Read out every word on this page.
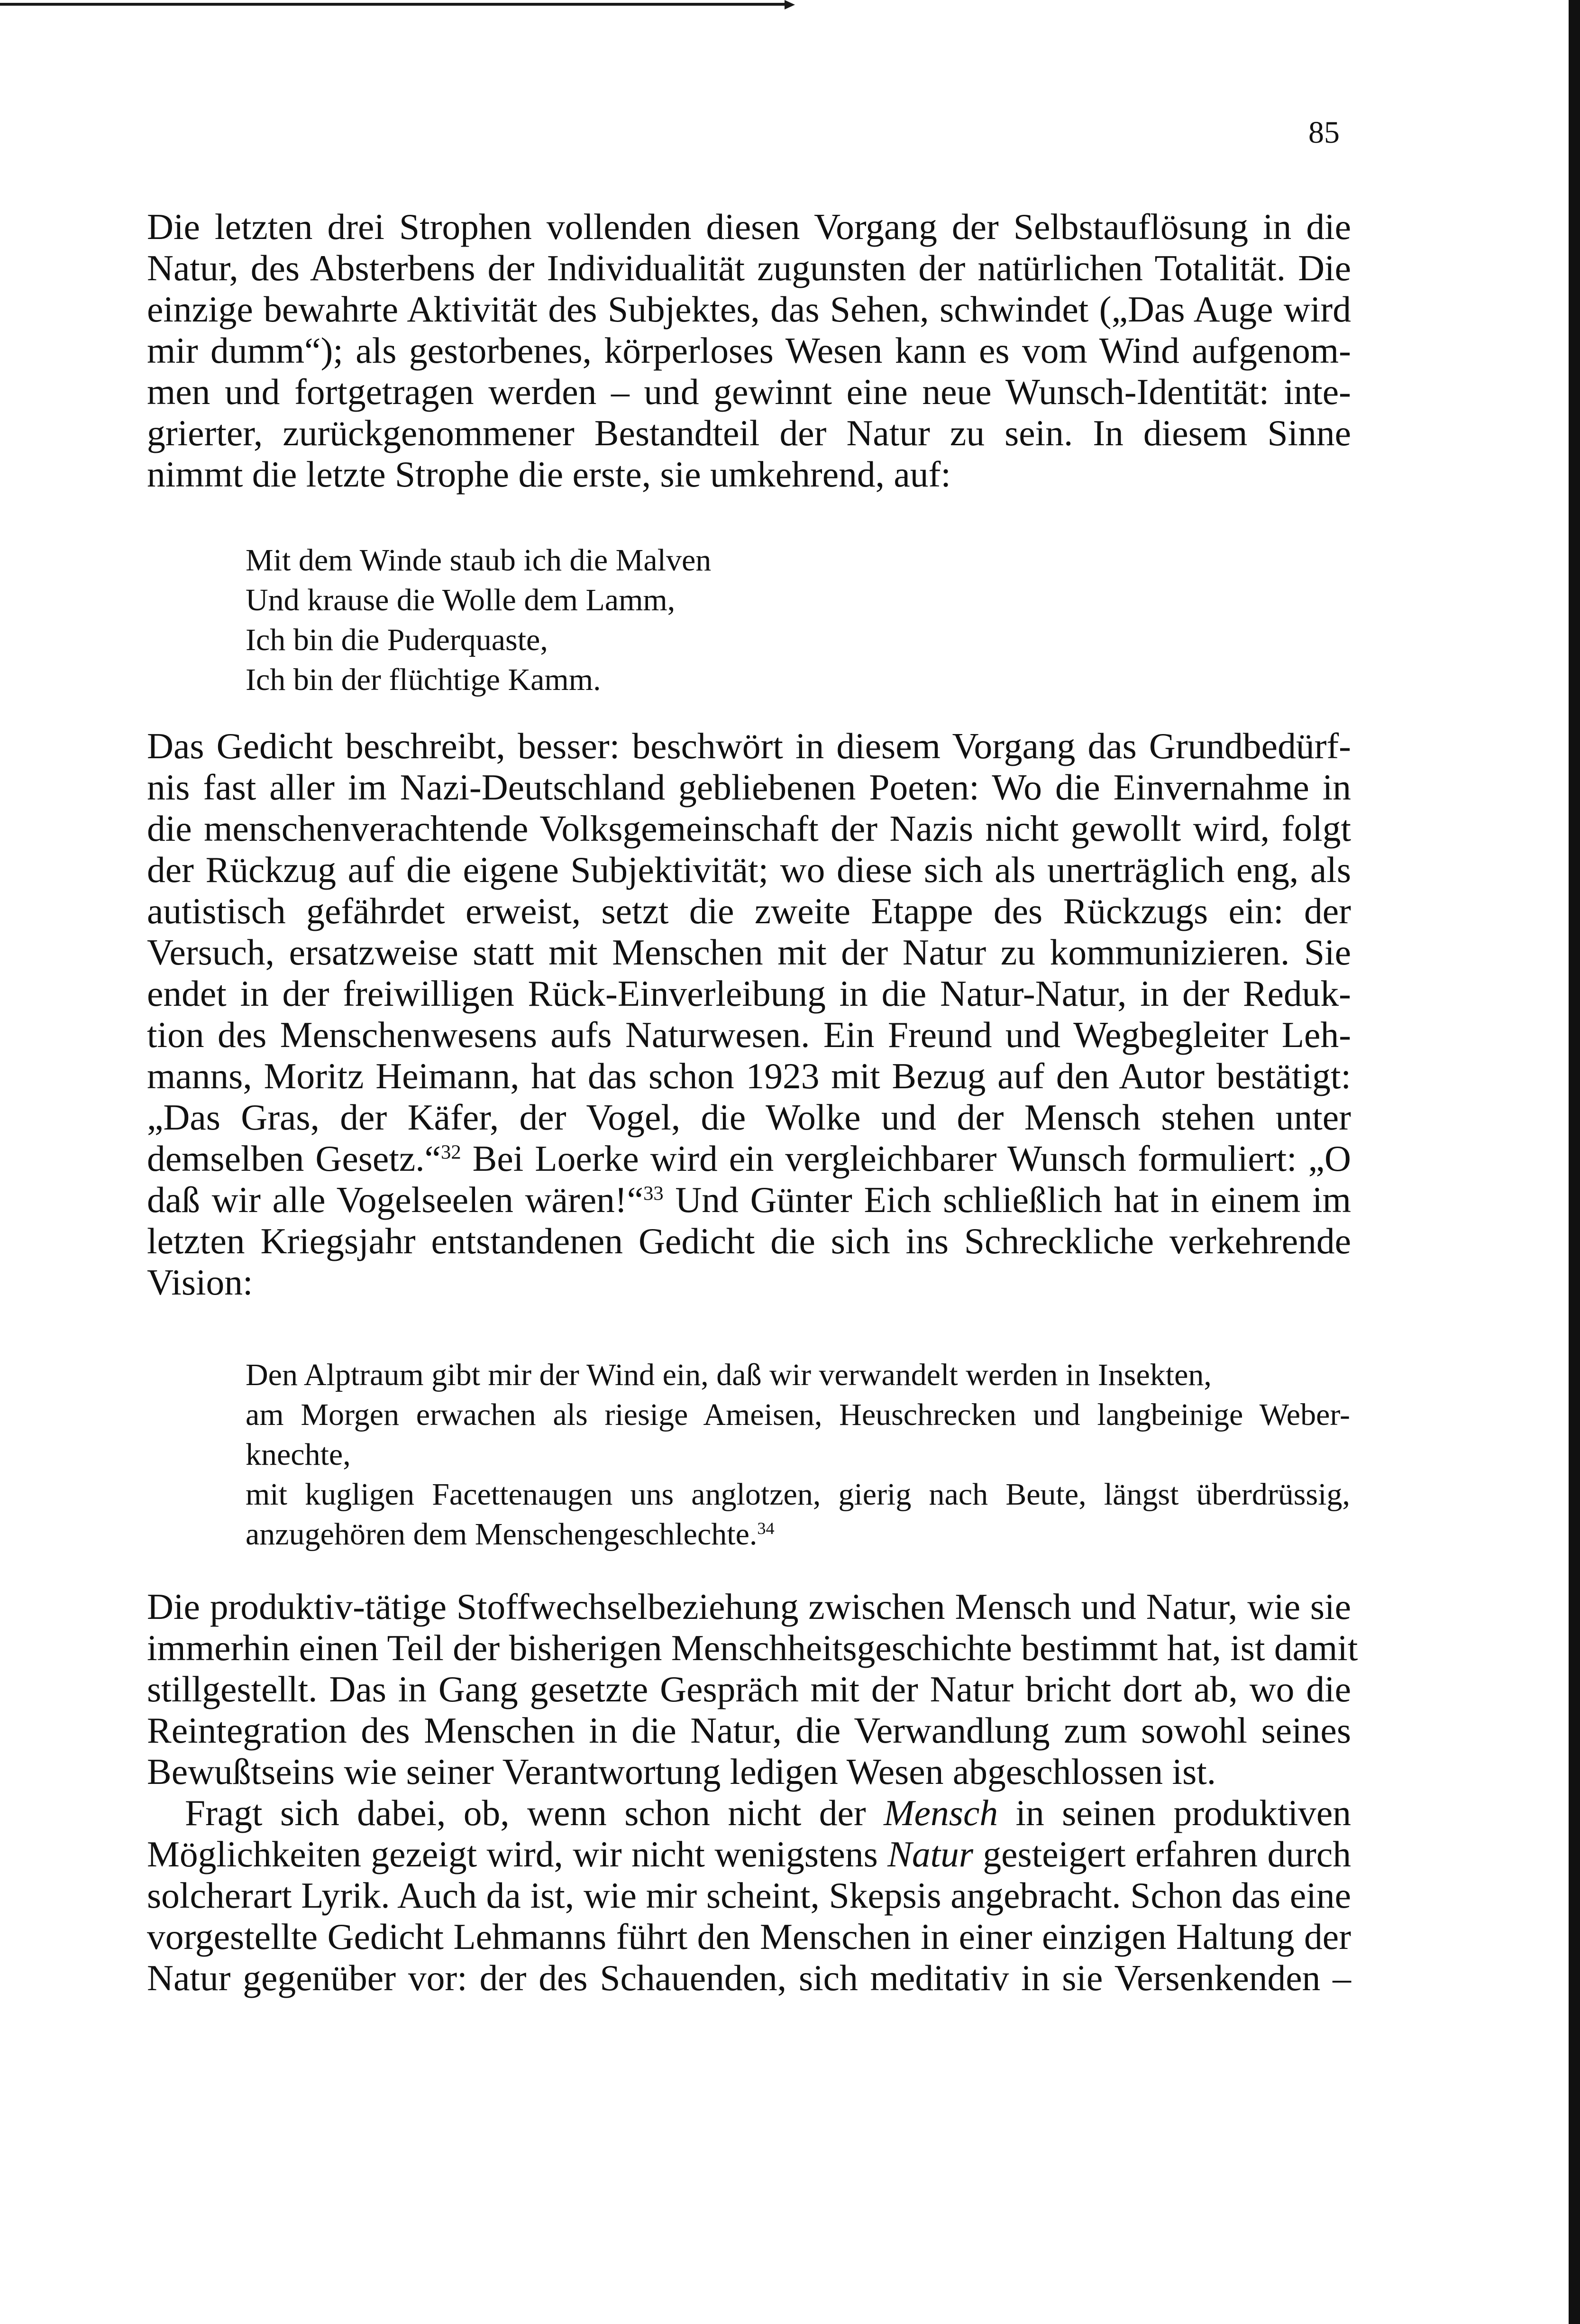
85
Die letzten drei Strophen vollenden diesen Vorgang der Selbstauflösung in die
Natur, des Absterbens der Individualität zugunsten der natürlichen Totalität. Die
einzige bewahrte Aktivität des Subjektes, das Sehen, schwindet („Das Auge wird
mir dumm“); als gestorbenes, körperloses Wesen kann es vom Wind aufgenom-
men und fortgetragen werden – und gewinnt eine neue Wunsch-Identität: inte-
grierter, zurückgenommener Bestandteil der Natur zu sein. In diesem Sinne
nimmt die letzte Strophe die erste, sie umkehrend, auf:
Mit dem Winde staub ich die Malven
Und krause die Wolle dem Lamm,
Ich bin die Puderquaste,
Ich bin der flüchtige Kamm.
Das Gedicht beschreibt, besser: beschwört in diesem Vorgang das Grundbedürf-
nis fast aller im Nazi-Deutschland gebliebenen Poeten: Wo die Einvernahme in
die menschenverachtende Volksgemeinschaft der Nazis nicht gewollt wird, folgt
der Rückzug auf die eigene Subjektivität; wo diese sich als unerträglich eng, als
autistisch gefährdet erweist, setzt die zweite Etappe des Rückzugs ein: der
Versuch, ersatzweise statt mit Menschen mit der Natur zu kommunizieren. Sie
endet in der freiwilligen Rück-Einverleibung in die Natur-Natur, in der Reduk-
tion des Menschenwesens aufs Naturwesen. Ein Freund und Wegbegleiter Leh-
manns, Moritz Heimann, hat das schon 1923 mit Bezug auf den Autor bestätigt:
„Das Gras, der Käfer, der Vogel, die Wolke und der Mensch stehen unter
demselben Gesetz.“$^{32}$ Bei Loerke wird ein vergleichbarer Wunsch formuliert: „O
daß wir alle Vogelseelen wären!“$^{33}$ Und Günter Eich schließlich hat in einem im
letzten Kriegsjahr entstandenen Gedicht die sich ins Schreckliche verkehrende
Vision:
Den Alptraum gibt mir der Wind ein, daß wir verwandelt werden in Insekten,
am Morgen erwachen als riesige Ameisen, Heuschrecken und langbeinige Weber-
knechte,
mit kugligen Facettenaugen uns anglotzen, gierig nach Beute, längst überdrüssig,
anzugehören dem Menschengeschlechte.$^{34}$
Die produktiv-tätige Stoffwechselbeziehung zwischen Mensch und Natur, wie sie
immerhin einen Teil der bisherigen Menschheitsgeschichte bestimmt hat, ist damit
stillgestellt. Das in Gang gesetzte Gespräch mit der Natur bricht dort ab, wo die
Reintegration des Menschen in die Natur, die Verwandlung zum sowohl seines
Bewußtseins wie seiner Verantwortung ledigen Wesen abgeschlossen ist.
Fragt sich dabei, ob, wenn schon nicht der Mensch in seinen produktiven
Möglichkeiten gezeigt wird, wir nicht wenigstens Natur gesteigert erfahren durch
solcherart Lyrik. Auch da ist, wie mir scheint, Skepsis angebracht. Schon das eine
vorgestellte Gedicht Lehmanns führt den Menschen in einer einzigen Haltung der
Natur gegenüber vor: der des Schauenden, sich meditativ in sie Versenkenden –
